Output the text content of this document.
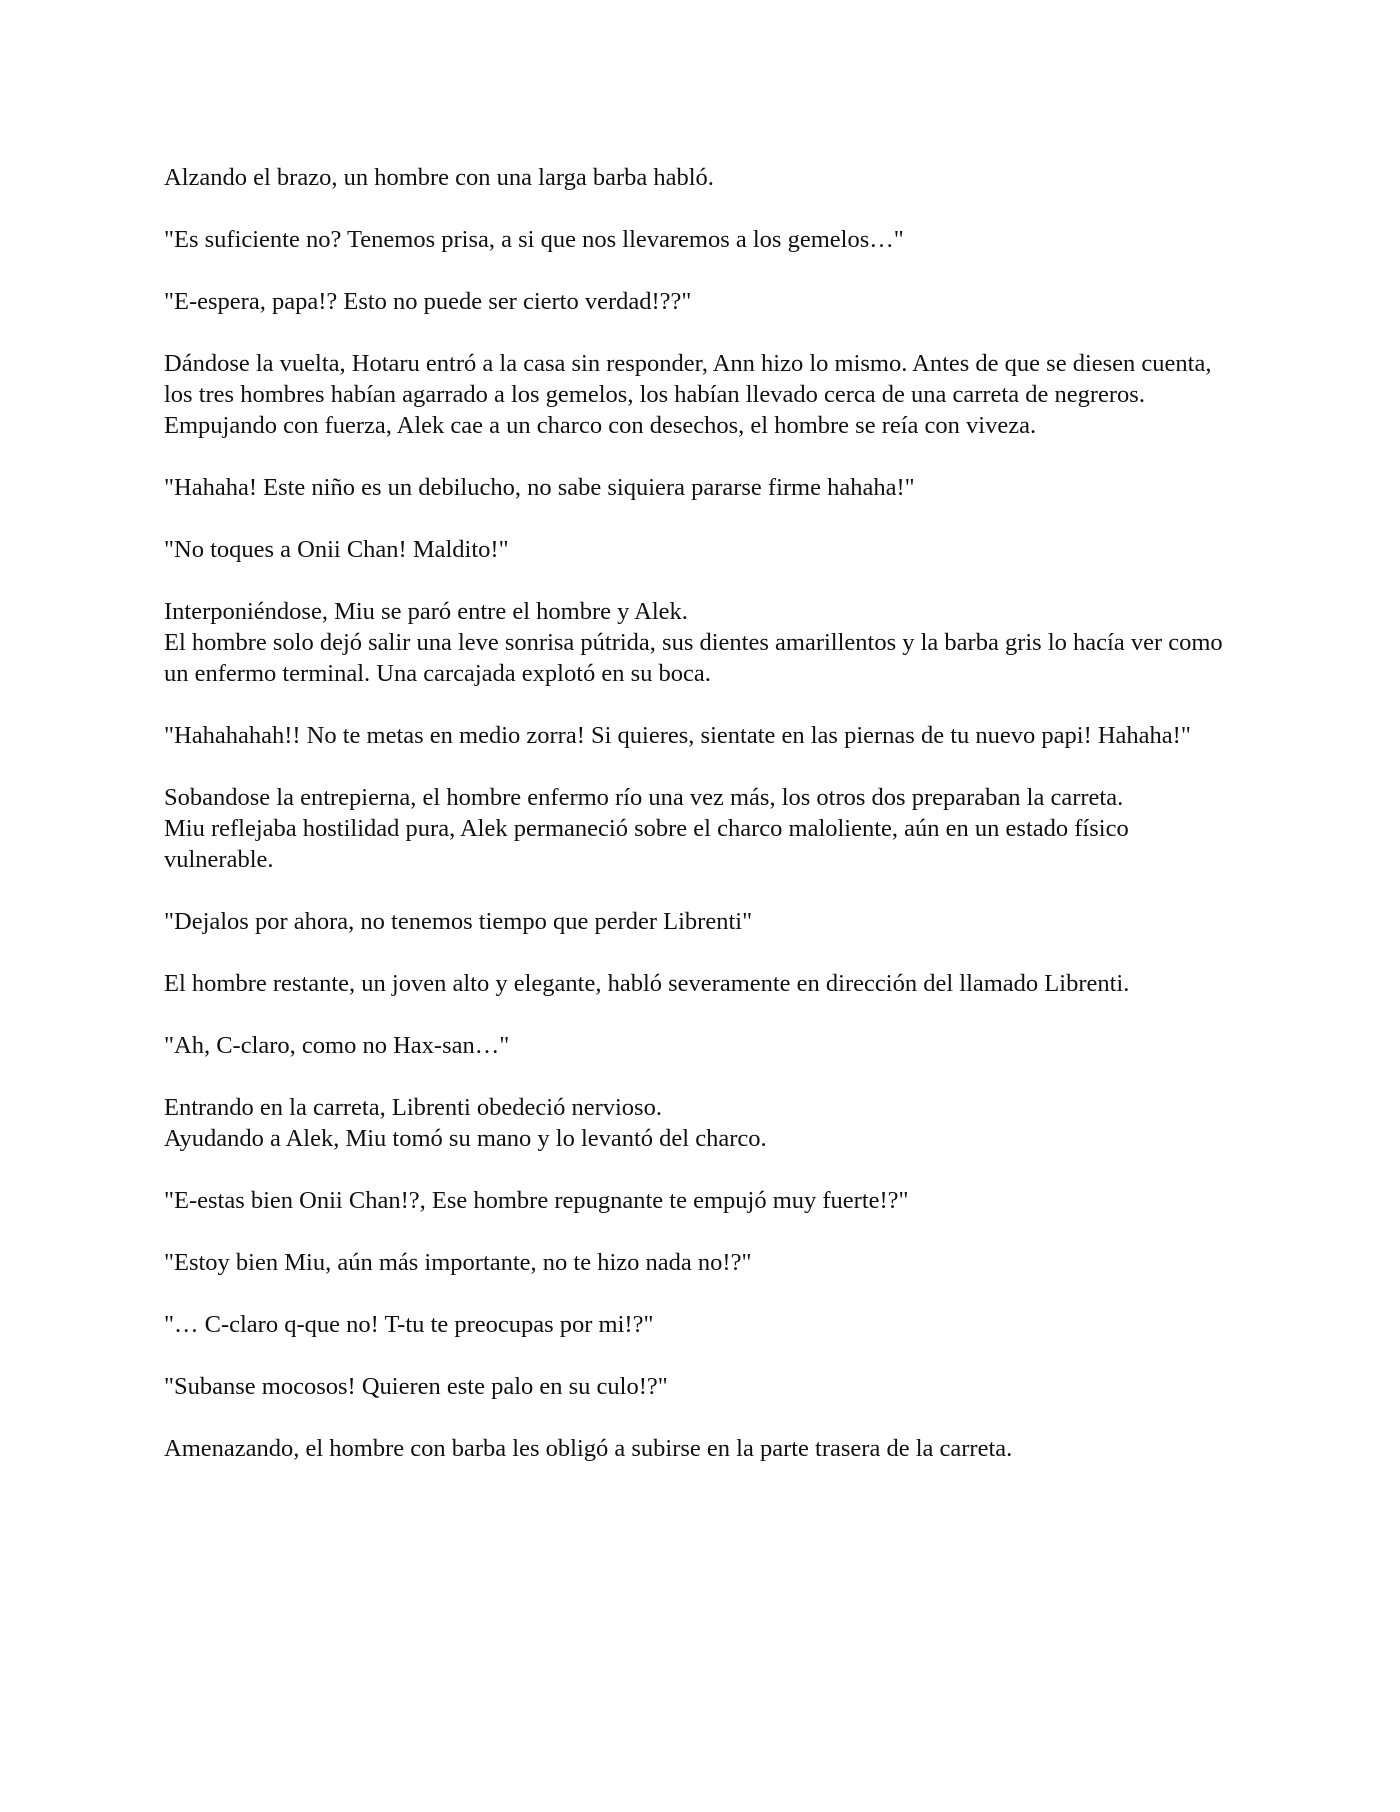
Alzando el brazo, un hombre con una larga barba habló.

"Es suficiente no? Tenemos prisa, a si que nos llevaremos a los gemelos…"

"E-espera, papa!? Esto no puede ser cierto verdad!??"

Dándose la vuelta, Hotaru entró a la casa sin responder, Ann hizo lo mismo. Antes de que se diesen cuenta, los tres hombres habían agarrado a los gemelos, los habían llevado cerca de una carreta de negreros.
Empujando con fuerza, Alek cae a un charco con desechos, el hombre se reía con viveza.

"Hahaha! Este niño es un debilucho, no sabe siquiera pararse firme hahaha!"

"No toques a Onii Chan! Maldito!"

Interponiéndose, Miu se paró entre el hombre y Alek.
El hombre solo dejó salir una leve sonrisa pútrida, sus dientes amarillentos y la barba gris lo hacía ver como un enfermo terminal. Una carcajada explotó en su boca.

"Hahahahah!! No te metas en medio zorra! Si quieres, sientate en las piernas de tu nuevo papi! Hahaha!"

Sobandose la entrepierna, el hombre enfermo río una vez más, los otros dos preparaban la carreta.
Miu reflejaba hostilidad pura, Alek permaneció sobre el charco maloliente, aún en un estado físico vulnerable.

"Dejalos por ahora, no tenemos tiempo que perder Librenti"

El hombre restante, un joven alto y elegante, habló severamente en dirección del llamado Librenti.

"Ah, C-claro, como no Hax-san…"

Entrando en la carreta, Librenti obedeció nervioso.
Ayudando a Alek, Miu tomó su mano y lo levantó del charco.

"E-estas bien Onii Chan!?, Ese hombre repugnante te empujó muy fuerte!?"

"Estoy bien Miu, aún más importante, no te hizo nada no!?"

"… C-claro q-que no! T-tu te preocupas por mi!?"

"Subanse mocosos! Quieren este palo en su culo!?"

Amenazando, el hombre con barba les obligó a subirse en la parte trasera de la carreta.
